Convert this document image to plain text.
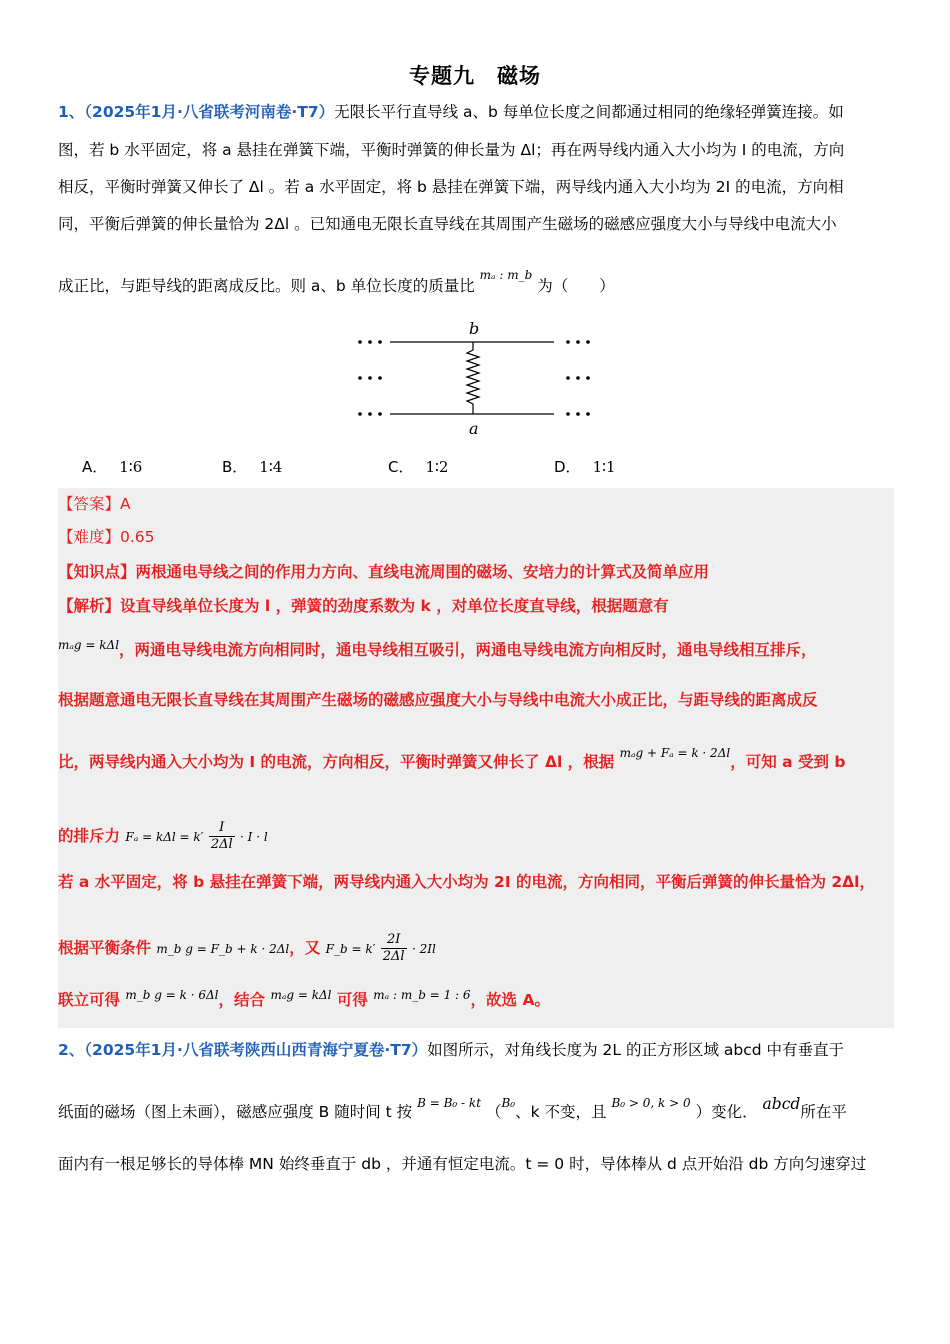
专题九　磁场
1、（2025年1月·八省联考河南卷·T7）无限长平行直导线 a、b 每单位长度之间都通过相同的绝缘轻弹簧连接。如
图，若 b 水平固定，将 a 悬挂在弹簧下端，平衡时弹簧的伸长量为 Δl；再在两导线内通入大小均为 I 的电流，方向
相反，平衡时弹簧又伸长了 Δl 。若 a 水平固定，将 b 悬挂在弹簧下端，两导线内通入大小均为 2I 的电流，方向相
同，平衡后弹簧的伸长量恰为 2Δl 。已知通电无限长直导线在其周围产生磁场的磁感应强度大小与导线中电流大小
成正比，与距导线的距离成反比。则 a、b 单位长度的质量比 $^{m_a : m\_b}$ 为（　　）
b
a
A． 1∶6	B． 1∶4	C． 1∶2	D． 1∶1
【答案】A
【难度】0.65
【知识点】两根通电导线之间的作用力方向、直线电流周围的磁场、安培力的计算式及简单应用
【解析】设直导线单位长度为 l ，弹簧的劲度系数为 k ，对单位长度直导线，根据题意有
$^{m_ag = k\Delta l}$，两通电导线电流方向相同时，通电导线相互吸引，两通电导线电流方向相反时，通电导线相互排斥，
根据题意通电无限长直导线在其周围产生磁场的磁感应强度大小与导线中电流大小成正比，与距导线的距离成反
比，两导线内通入大小均为 I 的电流，方向相反，平衡时弹簧又伸长了 Δl ，根据 $^{m_ag + F_a = k \cdot 2\Delta l}$，可知 a 受到 b
的排斥力 $F_a = k\Delta l = k' \frac{I}{2\Delta l} \cdot I \cdot l$
若 a 水平固定，将 b 悬挂在弹簧下端，两导线内通入大小均为 2I 的电流，方向相同，平衡后弹簧的伸长量恰为 2Δl，
根据平衡条件 m_b g = F_b + k · 2Δl，又 F_b = $k' \frac{2I}{2\Delta l} \cdot 2Il$
联立可得 $^{m\_b g = k \cdot 6\Delta l}$，结合 $^{m_ag = k\Delta l}$ 可得 $^{m_a : m\_b = 1 : 6}$，故选 A。
2、（2025年1月·八省联考陕西山西青海宁夏卷·T7）如图所示，对角线长度为 2L 的正方形区域 abcd 中有垂直于
纸面的磁场（图上未画），磁感应强度 B 随时间 t 按 $^{B = B_0 - kt}$ （$^{B_0}$、k 不变，且 $^{B_0 > 0, k > 0}$ ）变化． abcd所在平
面内有一根足够长的导体棒 MN 始终垂直于 db ，并通有恒定电流。t = 0 时，导体棒从 d 点开始沿 db 方向匀速穿过
